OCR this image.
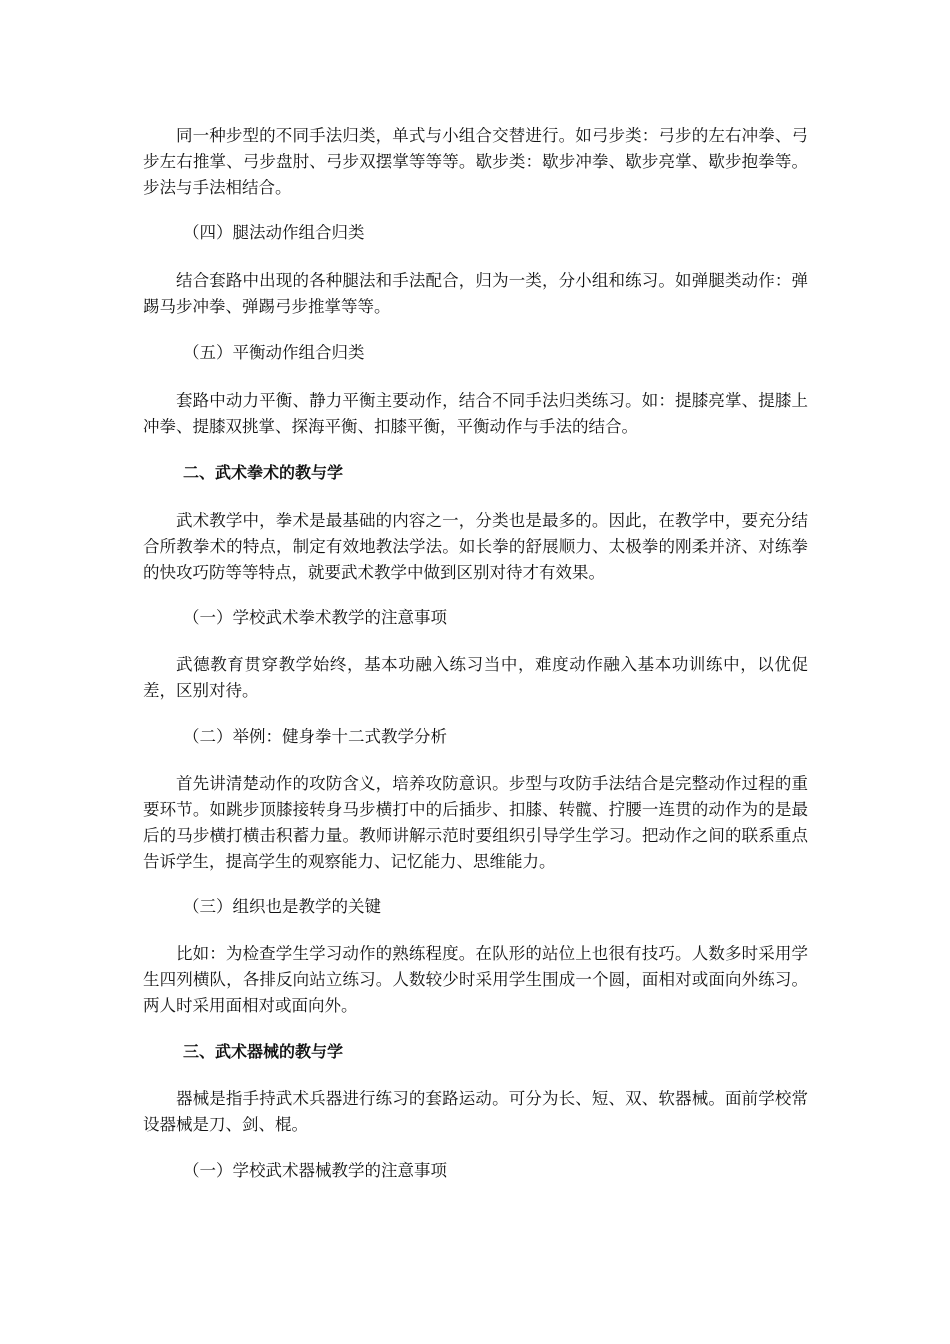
同一种步型的不同手法归类，单式与小组合交替进行。如弓步类：弓步的左右冲拳、弓步左右推掌、弓步盘肘、弓步双摆掌等等等。歇步类：歇步冲拳、歇步亮掌、歇步抱拳等。步法与手法相结合。

（四）腿法动作组合归类

结合套路中出现的各种腿法和手法配合，归为一类，分小组和练习。如弹腿类动作：弹踢马步冲拳、弹踢弓步推掌等等。

（五）平衡动作组合归类

套路中动力平衡、静力平衡主要动作，结合不同手法归类练习。如：提膝亮掌、提膝上冲拳、提膝双挑掌、探海平衡、扣膝平衡，平衡动作与手法的结合。

二、武术拳术的教与学

武术教学中，拳术是最基础的内容之一，分类也是最多的。因此，在教学中，要充分结合所教拳术的特点，制定有效地教法学法。如长拳的舒展顺力、太极拳的刚柔并济、对练拳的快攻巧防等等特点，就要武术教学中做到区别对待才有效果。

（一）学校武术拳术教学的注意事项

武德教育贯穿教学始终，基本功融入练习当中，难度动作融入基本功训练中，以优促差，区别对待。

（二）举例：健身拳十二式教学分析

首先讲清楚动作的攻防含义，培养攻防意识。步型与攻防手法结合是完整动作过程的重要环节。如跳步顶膝接转身马步横打中的后插步、扣膝、转髋、拧腰一连贯的动作为的是最后的马步横打横击积蓄力量。教师讲解示范时要组织引导学生学习。把动作之间的联系重点告诉学生，提高学生的观察能力、记忆能力、思维能力。

（三）组织也是教学的关键

比如：为检查学生学习动作的熟练程度。在队形的站位上也很有技巧。人数多时采用学生四列横队，各排反向站立练习。人数较少时采用学生围成一个圆，面相对或面向外练习。两人时采用面相对或面向外。

三、武术器械的教与学

器械是指手持武术兵器进行练习的套路运动。可分为长、短、双、软器械。面前学校常设器械是刀、剑、棍。

（一）学校武术器械教学的注意事项
